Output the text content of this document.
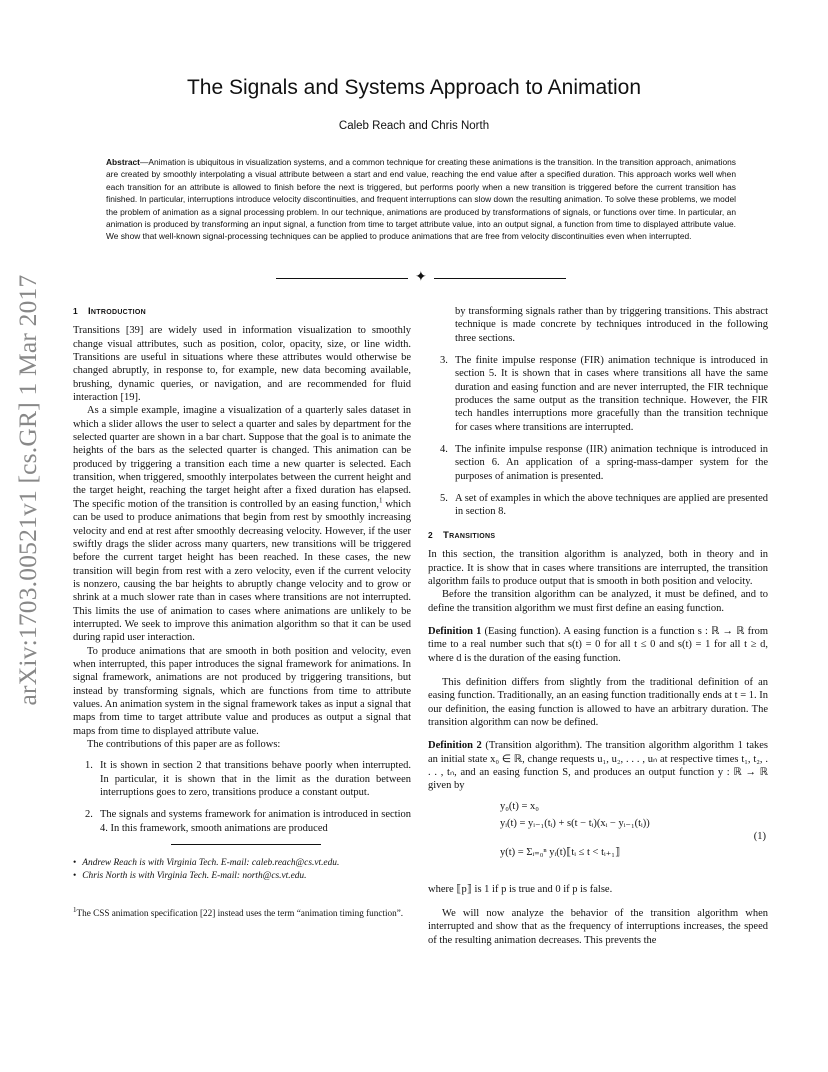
arXiv:1703.00521v1 [cs.GR] 1 Mar 2017
The Signals and Systems Approach to Animation
Caleb Reach and Chris North
Abstract—Animation is ubiquitous in visualization systems, and a common technique for creating these animations is the transition. In the transition approach, animations are created by smoothly interpolating a visual attribute between a start and end value, reaching the end value after a specified duration. This approach works well when each transition for an attribute is allowed to finish before the next is triggered, but performs poorly when a new transition is triggered before the current transition has finished. In particular, interruptions introduce velocity discontinuities, and frequent interruptions can slow down the resulting animation. To solve these problems, we model the problem of animation as a signal processing problem. In our technique, animations are produced by transformations of signals, or functions over time. In particular, an animation is produced by transforming an input signal, a function from time to target attribute value, into an output signal, a function from time to displayed attribute value. We show that well-known signal-processing techniques can be applied to produce animations that are free from velocity discontinuities even when interrupted.
✦
1 Introduction

Transitions [39] are widely used in information visualization to smoothly change visual attributes, such as position, color, opacity, size, or line width. Transitions are useful in situations where these attributes would otherwise be changed abruptly, in response to, for example, new data becoming available, brushing, dynamic queries, or navigation, and are recommended for fluid interaction [19].

As a simple example, imagine a visualization of a quarterly sales dataset in which a slider allows the user to select a quarter and sales by department for the selected quarter are shown in a bar chart. Suppose that the goal is to animate the heights of the bars as the selected quarter is changed. This animation can be produced by triggering a transition each time a new quarter is selected. Each transition, when triggered, smoothly interpolates between the current height and the target height, reaching the target height after a fixed duration has elapsed. The specific motion of the transition is controlled by an easing function,$^1$ which can be used to produce animations that begin from rest by smoothly increasing velocity and end at rest after smoothly decreasing velocity. However, if the user swiftly drags the slider across many quarters, new transitions will be triggered before the current target height has been reached. In these cases, the new transition will begin from rest with a zero velocity, even if the current velocity is nonzero, causing the bar heights to abruptly change velocity and to grow or shrink at a much slower rate than in cases where transitions are not interrupted. This limits the use of animation to cases where animations are unlikely to be interrupted. We seek to improve this animation algorithm so that it can be used during rapid user interaction.

To produce animations that are smooth in both position and velocity, even when interrupted, this paper introduces the signal framework for animations. In signal framework, animations are not produced by triggering transitions, but instead by transforming signals, which are functions from time to attribute values. An animation system in the signal framework takes as input a signal that maps from time to target attribute value and produces as output a signal that maps from time to displayed attribute value.

The contributions of this paper are as follows:

1. It is shown in section 2 that transitions behave poorly when interrupted. In particular, it is shown that in the limit as the duration between interruptions goes to zero, transitions produce a constant output.
2. The signals and systems framework for animation is introduced in section 4. In this framework, smooth animations are produced
• Andrew Reach is with Virginia Tech. E-mail: caleb.reach@cs.vt.edu.
• Chris North is with Virginia Tech. E-mail: north@cs.vt.edu.
$^1$The CSS animation specification [22] instead uses the term “animation timing function”.
by transforming signals rather than by triggering transitions. This abstract technique is made concrete by techniques introduced in the following three sections.
3. The finite impulse response (FIR) animation technique is introduced in section 5. It is shown that in cases where transitions all have the same duration and easing function and are never interrupted, the FIR technique produces the same output as the transition technique. However, the FIR tech handles interruptions more gracefully than the transition technique for cases where transitions are interrupted.
4. The infinite impulse response (IIR) animation technique is introduced in section 6. An application of a spring-mass-damper system for the purposes of animation is presented.
5. A set of examples in which the above techniques are applied are presented in section 8.
2 Transitions

In this section, the transition algorithm is analyzed, both in theory and in practice. It is show that in cases where transitions are interrupted, the transition algorithm fails to produce output that is smooth in both position and velocity.

Before the transition algorithm can be analyzed, it must be defined, and to define the transition algorithm we must first define an easing function.

Definition 1 (Easing function). A easing function is a function s : ℝ → ℝ from time to a real number such that s(t) = 0 for all t ≤ 0 and s(t) = 1 for all t ≥ d, where d is the duration of the easing function.

This definition differs from slightly from the traditional definition of an easing function. Traditionally, an an easing function traditionally ends at t = 1. In our definition, the easing function is allowed to have an arbitrary duration. The transition algorithm can now be defined.

Definition 2 (Transition algorithm). The transition algorithm algorithm 1 takes an initial state x₀ ∈ ℝ, change requests u₁, u₂, . . . , uₙ at respective times t₁, t₂, . . . , tₙ, and an easing function S, and produces an output function y : ℝ → ℝ given by

y₀(t) = x₀
yᵢ(t) = yᵢ₋₁(tᵢ) + s(t − tᵢ)(xᵢ − yᵢ₋₁(tᵢ))
y(t) = Σᵢ₌₀ⁿ yᵢ(t)⟦tᵢ ≤ t < tᵢ₊₁⟧
(1)

where ⟦p⟧ is 1 if p is true and 0 if p is false.

We will now analyze the behavior of the transition algorithm when interrupted and show that as the frequency of interruptions increases, the speed of the resulting animation decreases. This prevents the
